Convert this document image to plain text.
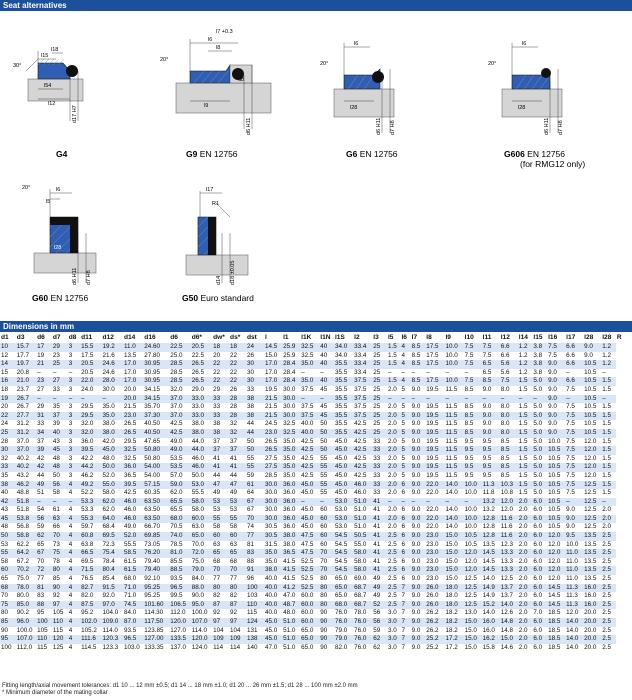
Seat alternatives
l18
l15
30°
l54
l12
d17 H7
G4
l7 +0.3
l6
l8
20°
l9
d8
d6 H11
G9 EN 12756
l6
20°
l28
d6 H11 d7 H8
G6 EN 12756
l6
20°
l28
d6 H11 d7 H8
G606 EN 12756
(for RMG12 only)
l6
l5
20°
l28
d6 H11 d7 H8
G60 EN 12756
l17
R1
d14 d18 ±0.05
G50 Euro standard
Dimensions in mm
d1	d3	d6	d7	d8	d11	d12	d14	d16	d6	d6*	dw*	ds*	dst	l	l1	l1K	l1N	l1S	l2	l3	l5	l6	l7	l8	l9	l10	l11	l12	l14	l15	l16	l17	l28	l28	R
10	15.7	17	29	3	15.5	19.2	11.0	24.60	22.5	20.5	18	18	24	14.5	25.9	32.5	40	34.0	33.4	25	1.5	4	8.5	17.5	10.0	7.5	7.5	6.6	1.2	3.8	7.5	6.6	9.0	1.2	
12	17.7	19	23	3	17.5	21.6	13.5	27.80	25.0	22.5	20	22	26	15.0	25.9	32.5	40	34.0	33.4	25	1.5	4	8.5	17.5	10.0	7.5	7.5	6.6	1.2	3.8	7.5	6.6	9.0	1.2	
14	19.7	21	25	3	20.5	24.6	17.0	30.95	28.5	26.5	22	22	30	17.0	28.4	35.0	40	35.5	33.4	25	1.5	4	8.5	17.5	10.0	7.5	6.5	5.6	1.2	3.8	9.0	6.6	10.5	1.2	
15	20.8	–	–	–	20.5	24.6	17.0	30.95	28.5	26.5	22	22	30	17.0	28.4	–	–	35.5	33.4	25	–	–	–	–	–	–	6.5	5.6	1.2	3.8	9.0	–	10.5	–	
16	21.0	23	27	3	22.0	28.0	17.0	30.95	28.5	26.5	22	22	30	17.0	28.4	35.0	40	35.5	37.5	25	1.5	4	8.5	17.5	10.0	7.5	8.5	7.5	1.5	5.0	9.0	6.6	10.5	1.5	
18	23.7	27	33	3	24.0	30.0	20.0	34.15	32.0	29.0	29	26	33	19.5	30.0	37.5	45	35.5	37.5	25	2.0	5	9.0	19.5	11.5	8.5	9.0	8.0	1.5	5.0	9.0	7.5	10.5	1.5	
19	26.7	–	–	–	–	–	20.0	34.15	37.0	33.0	33	28	38	21.5	30.0	–	–	35.5	37.5	25	–	–	–	–	–	–	–	–	–	–	9.0	–	10.5	–	
20	26.7	29	35	3	29.5	35.0	21.5	35.70	37.0	33.0	33	28	38	21.5	30.0	37.5	45	35.5	37.5	25	2.0	5	9.0	19.5	11.5	8.5	9.0	8.0	1.5	5.0	9.0	7.5	10.5	1.5	
22	27.7	31	37	3	29.5	35.0	23.0	37.30	37.0	33.0	33	28	38	21.5	30.0	37.5	45	35.5	37.5	25	2.0	5	9.0	19.5	11.5	8.5	9.0	8.0	1.5	5.0	9.0	7.5	10.5	1.5	
24	31.2	33	39	3	32.0	38.0	26.5	40.50	42.5	38.0	38	32	44	24.5	32.5	40.0	50	35.5	42.5	25	2.0	5	9.0	19.5	11.5	8.5	9.0	8.0	1.5	5.0	9.0	7.5	10.5	1.5	
25	31.2	34	40	3	32.0	38.0	26.5	40.50	42.5	38.0	38	32	44	23.0	32.5	40.0	50	35.5	42.5	25	2.0	5	9.0	19.5	11.5	8.5	9.0	8.0	1.5	5.0	9.0	7.5	10.5	1.5	
28	37.0	37	43	3	36.0	42.0	29.5	47.65	49.0	44.0	37	37	50	26.5	35.0	42.5	50	45.0	42.5	33	2.0	5	9.0	19.5	11.5	9.5	9.5	8.5	1.5	5.0	10.0	7.5	12.0	1.5	
30	37.0	39	45	3	39.5	45.0	32.5	50.80	49.0	44.0	37	37	50	26.5	35.0	42.5	50	45.0	42.5	33	2.0	5	9.0	19.5	11.5	9.5	9.5	8.5	1.5	5.0	10.5	7.5	12.0	1.5	
32	40.2	42	48	3	42.2	48.0	32.5	50.80	53.5	46.0	41	41	55	27.5	35.0	42.5	55	45.0	42.5	33	2.0	5	9.0	19.5	11.5	9.5	9.5	8.5	1.5	5.0	10.5	7.5	12.0	1.5	
33	40.2	42	48	3	44.2	50.0	36.0	54.00	53.5	46.0	41	41	55	27.5	35.0	42.5	55	45.0	42.5	33	2.0	5	9.0	19.5	11.5	9.5	9.5	8.5	1.5	5.0	10.5	7.5	12.0	1.5	
35	43.2	44	50	3	46.2	52.0	36.5	54.00	57.0	50.0	44	44	59	28.5	35.0	42.5	55	45.0	42.5	33	2.0	5	9.0	19.5	11.5	9.5	9.5	8.5	1.5	5.0	10.5	7.5	12.0	1.5	
38	46.2	49	56	4	49.2	55.0	39.5	57.15	59.0	53.0	47	47	61	30.0	36.0	45.0	55	45.0	46.0	33	2.0	6	9.0	22.0	14.0	10.0	11.3	10.3	1.5	5.0	10.5	7.5	12.5	1.5	
40	48.8	51	58	4	52.2	58.0	42.5	60.35	62.0	55.5	49	49	64	30.0	36.0	45.0	55	45.0	46.0	33	2.0	6	9.0	22.0	14.0	10.0	11.8	10.8	1.5	5.0	10.5	7.5	12.5	1.5	
42	51.8	–	–	–	53.3	62.0	46.0	63.50	65.5	58.0	53	53	67	30.0	36.0	–	–	53.0	51.0	41	–	–	–	–	–	–	13.2	12.0	2.0	6.0	10.5	–	12.5	–	
43	51.8	54	61	4	53.3	62.0	46.0	63.50	65.5	58.0	53	53	67	30.0	36.0	45.0	60	53.0	51.0	41	2.0	6	9.0	22.0	14.0	10.0	13.2	12.0	2.0	6.0	10.5	9.0	12.5	2.0	
45	53.8	56	63	4	55.3	64.0	46.0	63.50	68.0	60.0	55	55	70	30.0	36.0	45.0	60	53.0	51.0	41	2.0	6	9.0	22.0	14.0	10.0	12.8	11.6	2.0	6.0	10.5	9.0	12.5	2.0	
48	56.8	59	66	4	59.7	68.4	49.0	66.70	70.5	63.0	58	58	74	30.5	36.0	45.0	60	53.0	51.0	41	2.0	6	9.0	22.0	14.0	10.0	12.8	11.6	2.0	6.0	10.5	9.0	12.5	2.0	
50	58.8	62	70	4	60.8	69.5	52.0	69.85	74.0	65.0	60	60	77	30.5	38.0	47.5	60	54.5	50.5	41	2.5	6	9.0	23.0	15.0	10.5	12.8	11.6	2.0	6.0	12.0	9.5	13.5	2.5	
53	62.2	65	73	4	63.8	72.3	55.5	73.05	78.5	70.0	63	63	81	31.5	38.0	47.5	60	54.5	55.0	41	2.5	6	9.0	23.0	15.0	10.5	13.5	12.3	2.0	6.0	12.0	10.0	13.5	2.5	
55	64.2	67	75	4	66.5	75.4	58.5	76.20	81.0	72.0	65	65	83	35.0	36.5	47.5	70	54.5	58.0	41	2.5	6	9.0	23.0	15.0	12.0	14.5	13.3	2.0	6.0	12.0	11.0	13.5	2.5	
58	67.2	70	78	4	69.5	78.4	61.5	79.40	85.5	75.0	68	68	88	35.0	41.5	52.5	70	54.5	58.0	41	2.5	6	9.0	23.0	15.0	12.0	14.5	13.3	2.0	6.0	12.0	11.0	13.5	2.5	
60	70.2	72	80	4	71.5	80.4	61.5	79.40	88.5	79.0	70	70	91	38.0	41.5	52.5	70	54.5	58.0	41	2.5	6	9.0	23.0	15.0	12.0	14.5	13.3	2.0	6.0	12.0	11.0	13.5	2.5	
65	75.0	77	85	4	76.5	85.4	68.0	92.10	93.5	84.0	77	77	96	40.0	41.5	52.5	80	65.0	69.0	49	2.5	6	9.0	23.0	15.0	12.5	14.0	12.5	2.0	6.0	12.0	11.0	13.5	2.5	
68	78.0	81	90	4	82.7	91.5	71.0	95.25	96.5	88.0	80	80	100	40.0	41.2	52.5	80	65.0	68.7	49	2.5	7	9.0	26.0	18.0	12.5	14.9	13.7	2.0	6.0	14.5	11.3	16.0	2.5	
70	80.0	83	92	4	82.0	92.0	71.0	95.25	99.5	90.0	82	82	103	40.0	47.0	60.0	80	65.0	68.7	49	2.5	7	9.0	26.0	18.0	12.5	14.9	13.7	2.0	6.0	14.5	11.3	16.0	2.5	
75	85.0	88	97	4	87.5	97.0	74.5	101.60	106.5	95.0	87	87	110	40.0	48.7	60.0	80	68.0	68.7	52	2.5	7	9.0	26.0	18.0	12.5	15.2	14.0	2.0	6.0	14.5	11.3	16.0	2.5	
80	90.2	95	105	4	95.2	104.0	84.0	114.30	112.0	100.0	92	92	115	40.0	48.0	60.0	90	76.0	78.0	56	3.0	7	9.0	26.2	18.2	13.0	14.0	12.6	2.0	7.0	18.5	12.0	20.0	2.5	
85	96.0	100	110	4	102.0	109.0	87.0	117.50	120.0	107.0	97	97	124	45.0	51.0	60.0	90	76.0	76.0	56	3.0	7	9.0	26.2	18.2	15.0	16.0	14.8	2.0	6.0	18.5	14.0	20.0	2.5	
90	100.0	105	115	4	105.2	114.0	93.5	123.85	127.0	114.0	104	104	131	45.0	51.0	65.0	90	79.0	76.0	59	3.0	7	9.0	26.2	18.2	15.0	16.0	14.8	2.0	6.0	18.5	14.0	20.0	2.5	
95	107.0	110	120	4	111.6	120.3	96.5	127.00	133.5	120.0	109	109	138	45.0	51.0	65.0	90	79.0	76.0	62	3.0	7	9.0	25.2	17.2	15.0	16.2	15.0	2.0	6.0	18.5	14.0	20.0	2.5	
100	112.0	115	125	4	114.5	123.3	103.0	133.35	137.0	124.0	114	114	140	47.0	51.0	65.0	90	82.0	76.0	62	3.0	7	9.0	25.2	17.2	15.0	15.8	14.6	2.0	6.0	18.5	14.0	20.0	2.5	
Fitting length/axial movement tolerances: d1 10 ... 12 mm ±0.5; d1 14 ... 18 mm ±1.0; d1 20 ... 26 mm ±1.5; d1 28 ... 100 mm ±2.0 mm
* Minimum diameter of the mating collar
